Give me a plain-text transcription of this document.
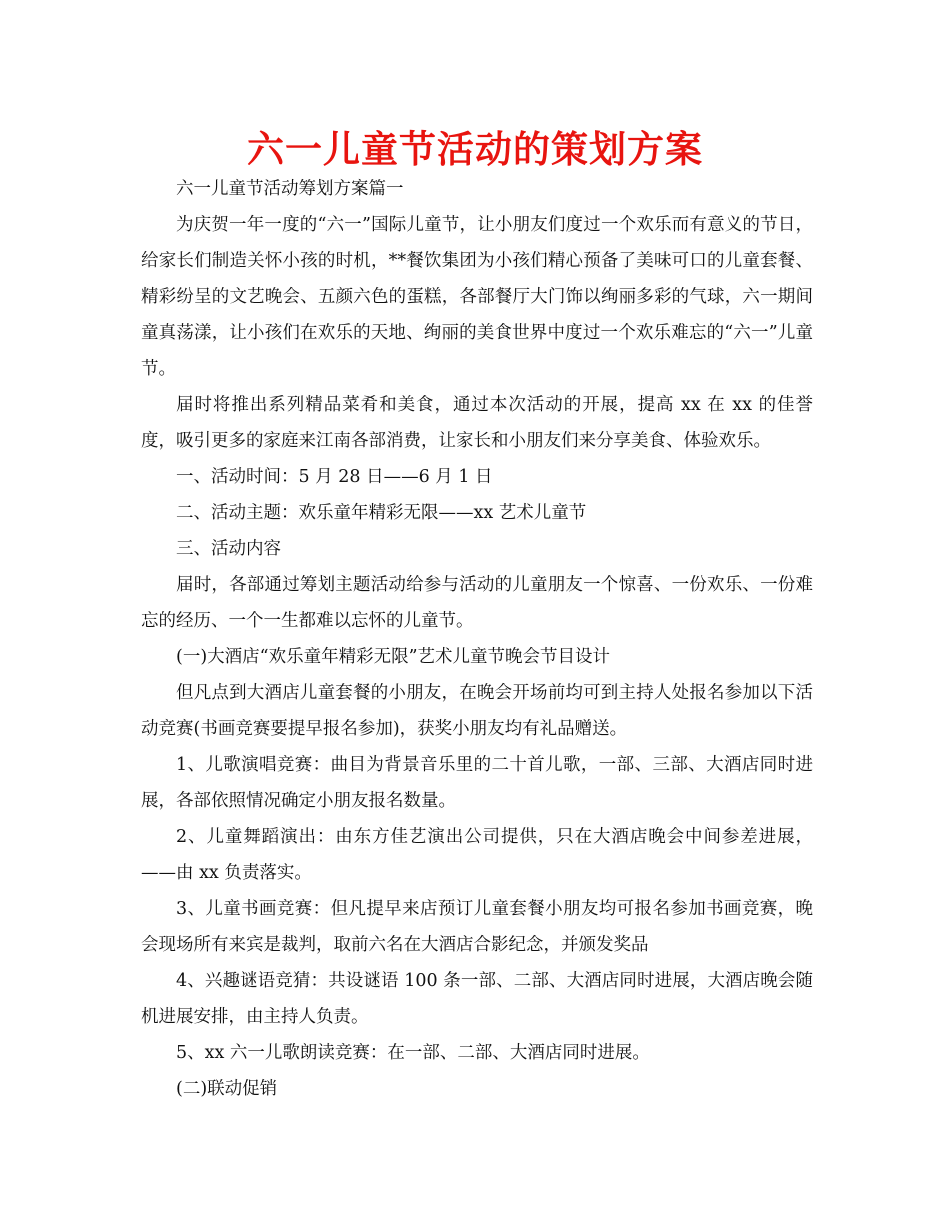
六一儿童节活动的策划方案

六一儿童节活动筹划方案篇一

为庆贺一年一度的“六一”国际儿童节，让小朋友们度过一个欢乐而有意义的节日，给家长们制造关怀小孩的时机，**餐饮集团为小孩们精心预备了美味可口的儿童套餐、精彩纷呈的文艺晚会、五颜六色的蛋糕，各部餐厅大门饰以绚丽多彩的气球，六一期间童真荡漾，让小孩们在欢乐的天地、绚丽的美食世界中度过一个欢乐难忘的“六一”儿童节。

届时将推出系列精品菜肴和美食，通过本次活动的开展，提高 xx 在 xx 的佳誉度，吸引更多的家庭来江南各部消费，让家长和小朋友们来分享美食、体验欢乐。

一、活动时间：5 月 28 日——6 月 1 日

二、活动主题：欢乐童年精彩无限——xx 艺术儿童节

三、活动内容

届时，各部通过筹划主题活动给参与活动的儿童朋友一个惊喜、一份欢乐、一份难忘的经历、一个一生都难以忘怀的儿童节。

(一)大酒店“欢乐童年精彩无限”艺术儿童节晚会节目设计

但凡点到大酒店儿童套餐的小朋友，在晚会开场前均可到主持人处报名参加以下活动竞赛(书画竞赛要提早报名参加)，获奖小朋友均有礼品赠送。

1、儿歌演唱竞赛：曲目为背景音乐里的二十首儿歌，一部、三部、大酒店同时进展，各部依照情况确定小朋友报名数量。

2、儿童舞蹈演出：由东方佳艺演出公司提供，只在大酒店晚会中间参差进展，——由 xx 负责落实。

3、儿童书画竞赛：但凡提早来店预订儿童套餐小朋友均可报名参加书画竞赛，晚会现场所有来宾是裁判，取前六名在大酒店合影纪念，并颁发奖品

4、兴趣谜语竞猜：共设谜语 100 条一部、二部、大酒店同时进展，大酒店晚会随机进展安排，由主持人负责。

5、xx 六一儿歌朗读竞赛：在一部、二部、大酒店同时进展。

(二)联动促销
